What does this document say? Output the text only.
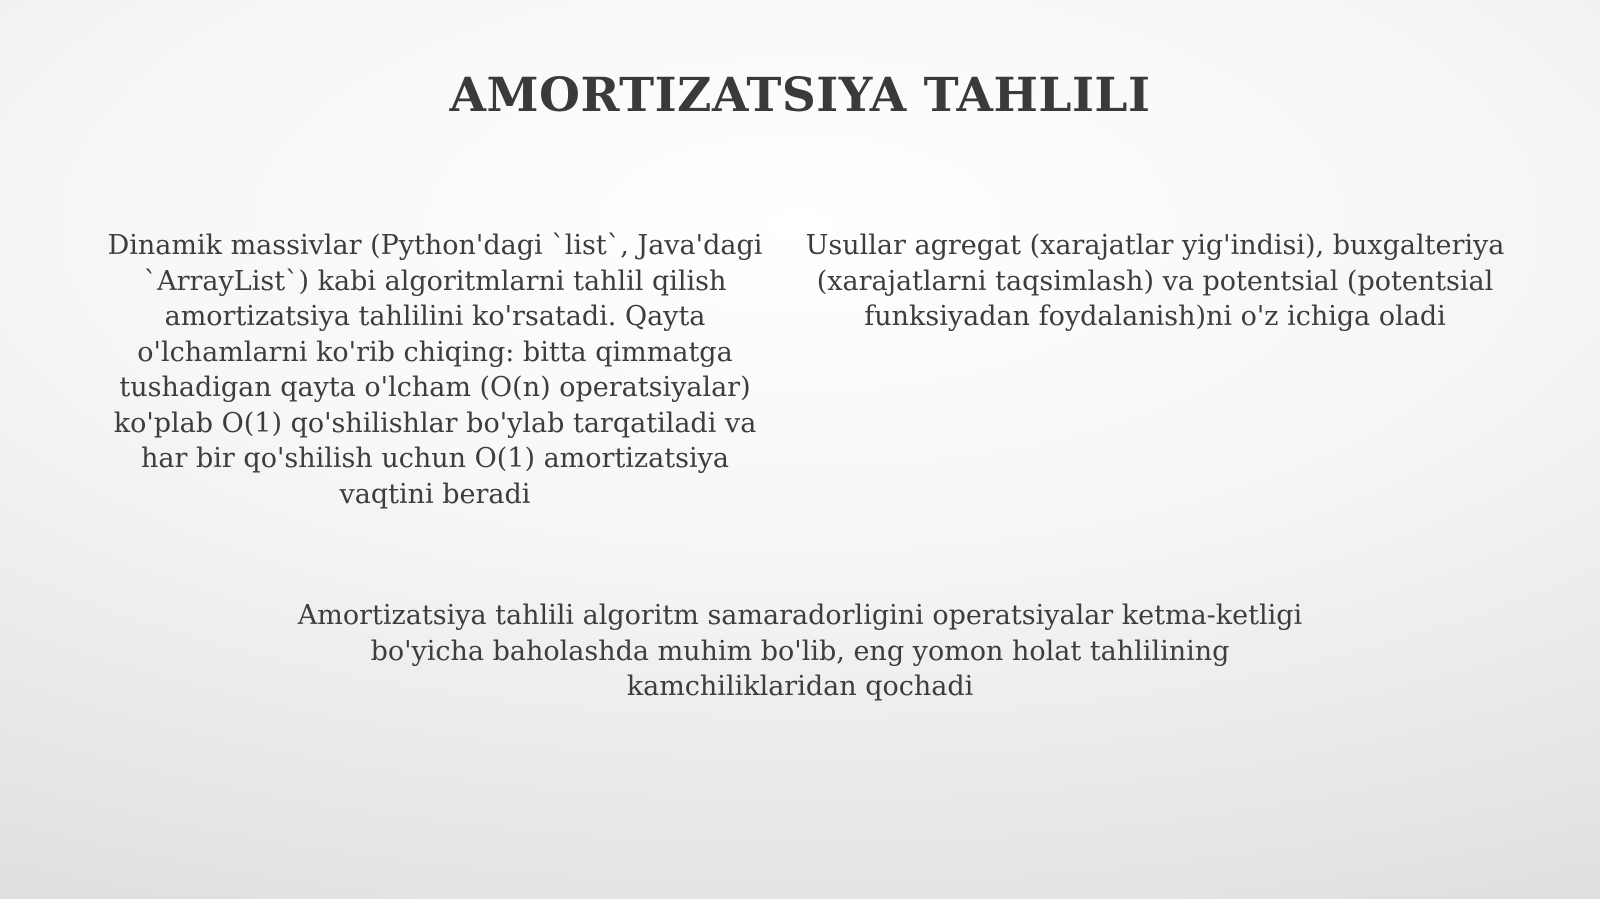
AMORTIZATSIYA TAHLILI

Dinamik massivlar (Python'dagi `list`, Java'dagi `ArrayList`) kabi algoritmlarni tahlil qilish amortizatsiya tahlilini ko'rsatadi. Qayta o'lchamlarni ko'rib chiqing: bitta qimmatga tushadigan qayta o'lcham (O(n) operatsiyalar) ko'plab O(1) qo'shilishlar bo'ylab tarqatiladi va har bir qo'shilish uchun O(1) amortizatsiya vaqtini beradi

Usullar agregat (xarajatlar yig'indisi), buxgalteriya (xarajatlarni taqsimlash) va potentsial (potentsial funksiyadan foydalanish)ni o'z ichiga oladi

Amortizatsiya tahlili algoritm samaradorligini operatsiyalar ketma-ketligi bo'yicha baholashda muhim bo'lib, eng yomon holat tahlilining kamchiliklaridan qochadi
